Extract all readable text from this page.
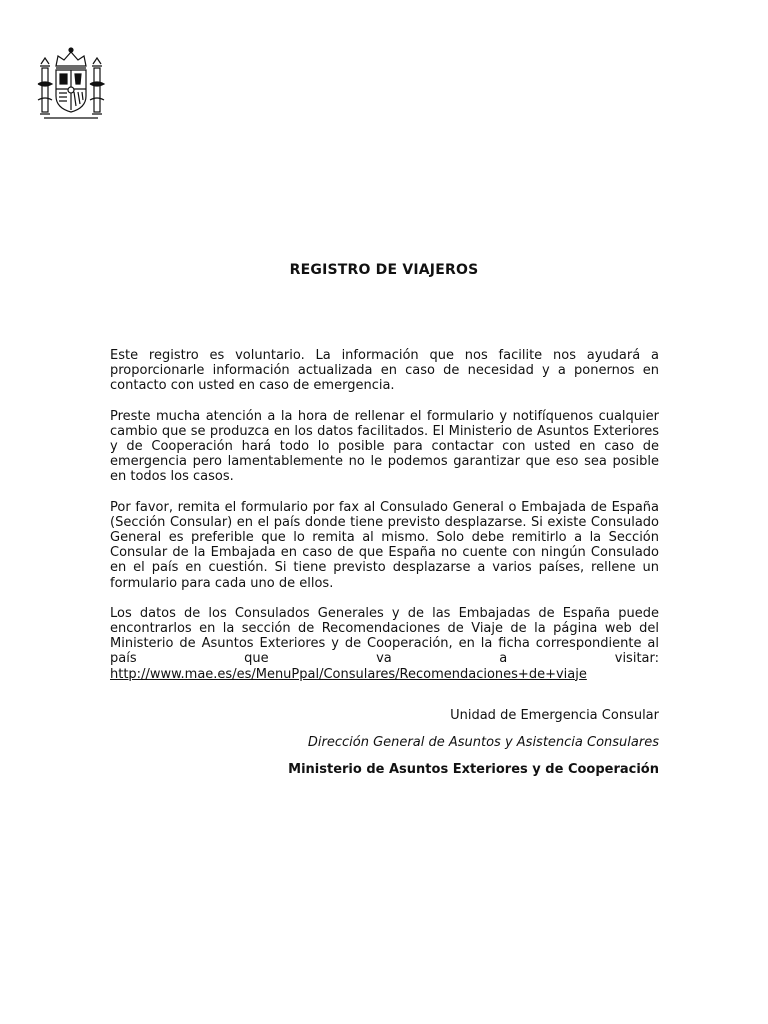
REGISTRO DE VIAJEROS

Este registro es voluntario. La información que nos facilite nos ayudará a proporcionarle información actualizada en caso de necesidad y a ponernos en contacto con usted en caso de emergencia.

Preste mucha atención a la hora de rellenar el formulario y notifíquenos cualquier cambio que se produzca en los datos facilitados. El Ministerio de Asuntos Exteriores y de Cooperación hará todo lo posible para contactar con usted en caso de emergencia pero lamentablemente no le podemos garantizar que eso sea posible en todos los casos.

Por favor, remita el formulario por fax al Consulado General o Embajada de España (Sección Consular) en el país donde tiene previsto desplazarse. Si existe Consulado General es preferible que lo remita al mismo. Solo debe remitirlo a la Sección Consular de la Embajada en caso de que España no cuente con ningún Consulado en el país en cuestión. Si tiene previsto desplazarse a varios países, rellene un formulario para cada uno de ellos.

Los datos de los Consulados Generales y de las Embajadas de España puede encontrarlos en la sección de Recomendaciones de Viaje de la página web del Ministerio de Asuntos Exteriores y de Cooperación, en la ficha correspondiente al país que va a visitar: http://www.mae.es/es/MenuPpal/Consulares/Recomendaciones+de+viaje

Unidad de Emergencia Consular
Dirección General de Asuntos y Asistencia Consulares
Ministerio de Asuntos Exteriores y de Cooperación
